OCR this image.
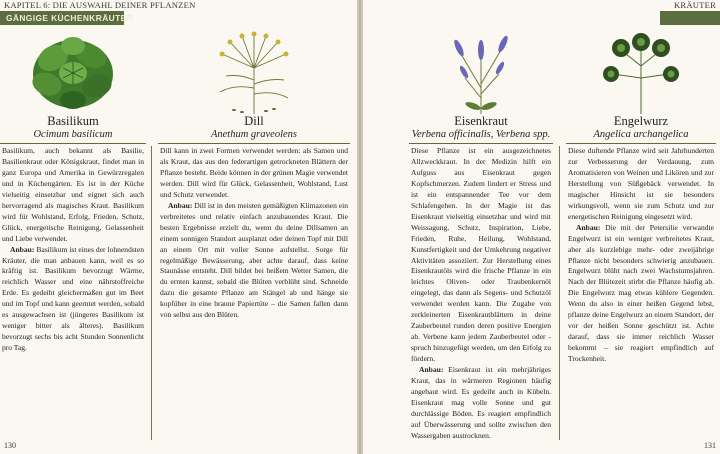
KAPITEL 6: DIE AUSWAHL DEINER PFLANZEN
GÄNGIGE KÜCHENKRÄUTER
Basilikum
Ocimum basilicum

Basilikum, auch bekannt als Basilie, Basilienkraut oder Königskraut, findet man in ganz Europa und Amerika in Gewürzregalen und in Küchengärten. Es ist in der Küche vielseitig einsetzbar und eignet sich auch hervorragend als magisches Kraut. Basilikum wird für Wohlstand, Erfolg, Frieden, Schutz, Glück, energetische Reinigung, Gelassenheit und Liebe verwendet.

Anbau: Basilikum ist eines der lohnendsten Kräuter, die man anbauen kann, weil es so kräftig ist. Basilikum bevorzugt Wärme, reichlich Wasser und eine nährstoffreiche Erde. Es gedeiht gleichermaßen gut im Beet und im Topf und kann geerntet werden, sobald es ausgewachsen ist (jüngeres Basilikum ist weniger bitter als älteres). Basilikum bevorzugt sechs bis acht Stunden Sonnenlicht pro Tag.

Dill
Anethum graveolens

Dill kann in zwei Formen verwendet werden: als Samen und als Kraut, das aus den federartigen getrockneten Blättern der Pflanze besteht. Beide können in der grünen Magie verwendet werden. Dill wird für Glück, Gelassenheit, Wohlstand, Lust und Schutz verwendet.

Anbau: Dill ist in den meisten gemäßigten Klimazonen ein verbreitetes und relativ einfach anzubauendes Kraut. Die besten Ergebnisse erzielt du, wenn du deine Dillsamen an einem sonnigen Standort ausplanzt oder deinen Topf mit Dill an einem Ort mit voller Sonne aufstellst. Sorge für regelmäßige Bewässerung, aber achte darauf, dass keine Staunässe entsteht. Dill bildet bei heißem Wetter Samen, die du ernten kannst, sobald die Blüten verblüht sind. Schneide dazu die gesamte Pflanze am Stängel ab und hänge sie kopfüber in eine braune Papiertüte – die Samen fallen dann von selbst aus den Blüten.

130
KRÄUTER
Eisenkraut
Verbena officinalis, Verbena spp.

Diese Pflanze ist ein ausgezeichnetes Allzweckkraut. In der Medizin hilft ein Aufguss aus Eisenkraut gegen Kopfschmerzen. Zudem lindert er Stress und ist ein entspannender Tee vor dem Schlafengehen. In der Magie ist das Eisenkraut vielseitig einsetzbar und wird mit Weissagung, Schutz, Inspiration, Liebe, Frieden, Ruhe, Heilung, Wohlstand, Kunstfertigkeit und der Umkehrung negativer Aktivitäten assoziiert. Zur Herstellung eines Eisenkrautöls wird die frische Pflanze in ein leichtes Oliven- oder Traubenkernöl eingelegt, das dann als Segens- und Schutzöl verwendet werden kann. Die Zugabe von zerkleinerten Eisenkrautblättern in deine Zauberbeutel runden deren positive Energien ab. Verbene kann jedem Zauberbeutel oder -spruch hinzugefügt werden, um den Erfolg zu fördern.

Anbau: Eisenkraut ist ein mehrjähriges Kraut, das in wärmeren Regionen häufig angebaut wird. Es gedeiht auch in Kübeln. Eisenkraut mag volle Sonne und gut durchlässige Böden. Es reagiert empfindlich auf Überwässerung und sollte zwischen den Wassergaben austrocknen.

Engelwurz
Angelica archangelica

Diese duftende Pflanze wird seit Jahrhunderten zur Verbesserung der Verdauung, zum Aromatisieren von Weinen und Likören und zur Herstellung von Süßgebäck verwendet. In magischer Hinsicht ist sie besonders wirkungsvoll, wenn sie zum Schutz und zur energetischen Reinigung eingesetzt wird.

Anbau: Die mit der Petersilie verwandte Engelwurz ist ein weniger verbreitetes Kraut, aber als kurzlebige mehr- oder zweijährige Pflanze nicht besonders schwierig anzubauen. Engelwurz blüht nach zwei Wachstumsjahren. Nach der Blütezeit stirbt die Pflanze häufig ab. Die Engelwurz mag etwas kühlere Gegenden. Wenn du also in einer heißen Gegend lebst, pflanze deine Engelwurz an einem Standort, der vor der heißen Sonne geschützt ist. Achte darauf, dass sie immer reichlich Wasser bekommt – sie reagiert empfindlich auf Trockenheit.

131
